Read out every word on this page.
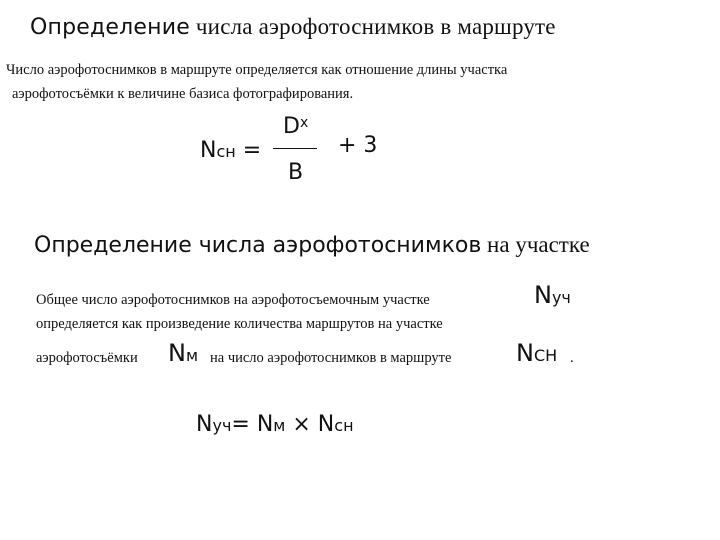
Определение числа аэрофотоснимков в маршруте
Число аэрофотоснимков в маршруте определяется как отношение длины участка
аэрофотосъёмки к величине базиса фотографирования.
Nсн =
$D^x$
B
+ 3
Определение числа аэрофотоснимков на участке
Общее число аэрофотоснимков на аэрофотосъемочным участке	Nуч
определяется как произведение количества маршрутов на участке
аэрофотосъёмки Nм на число аэрофотоснимков в маршруте	NСН .
Nуч= Nм × Nсн
